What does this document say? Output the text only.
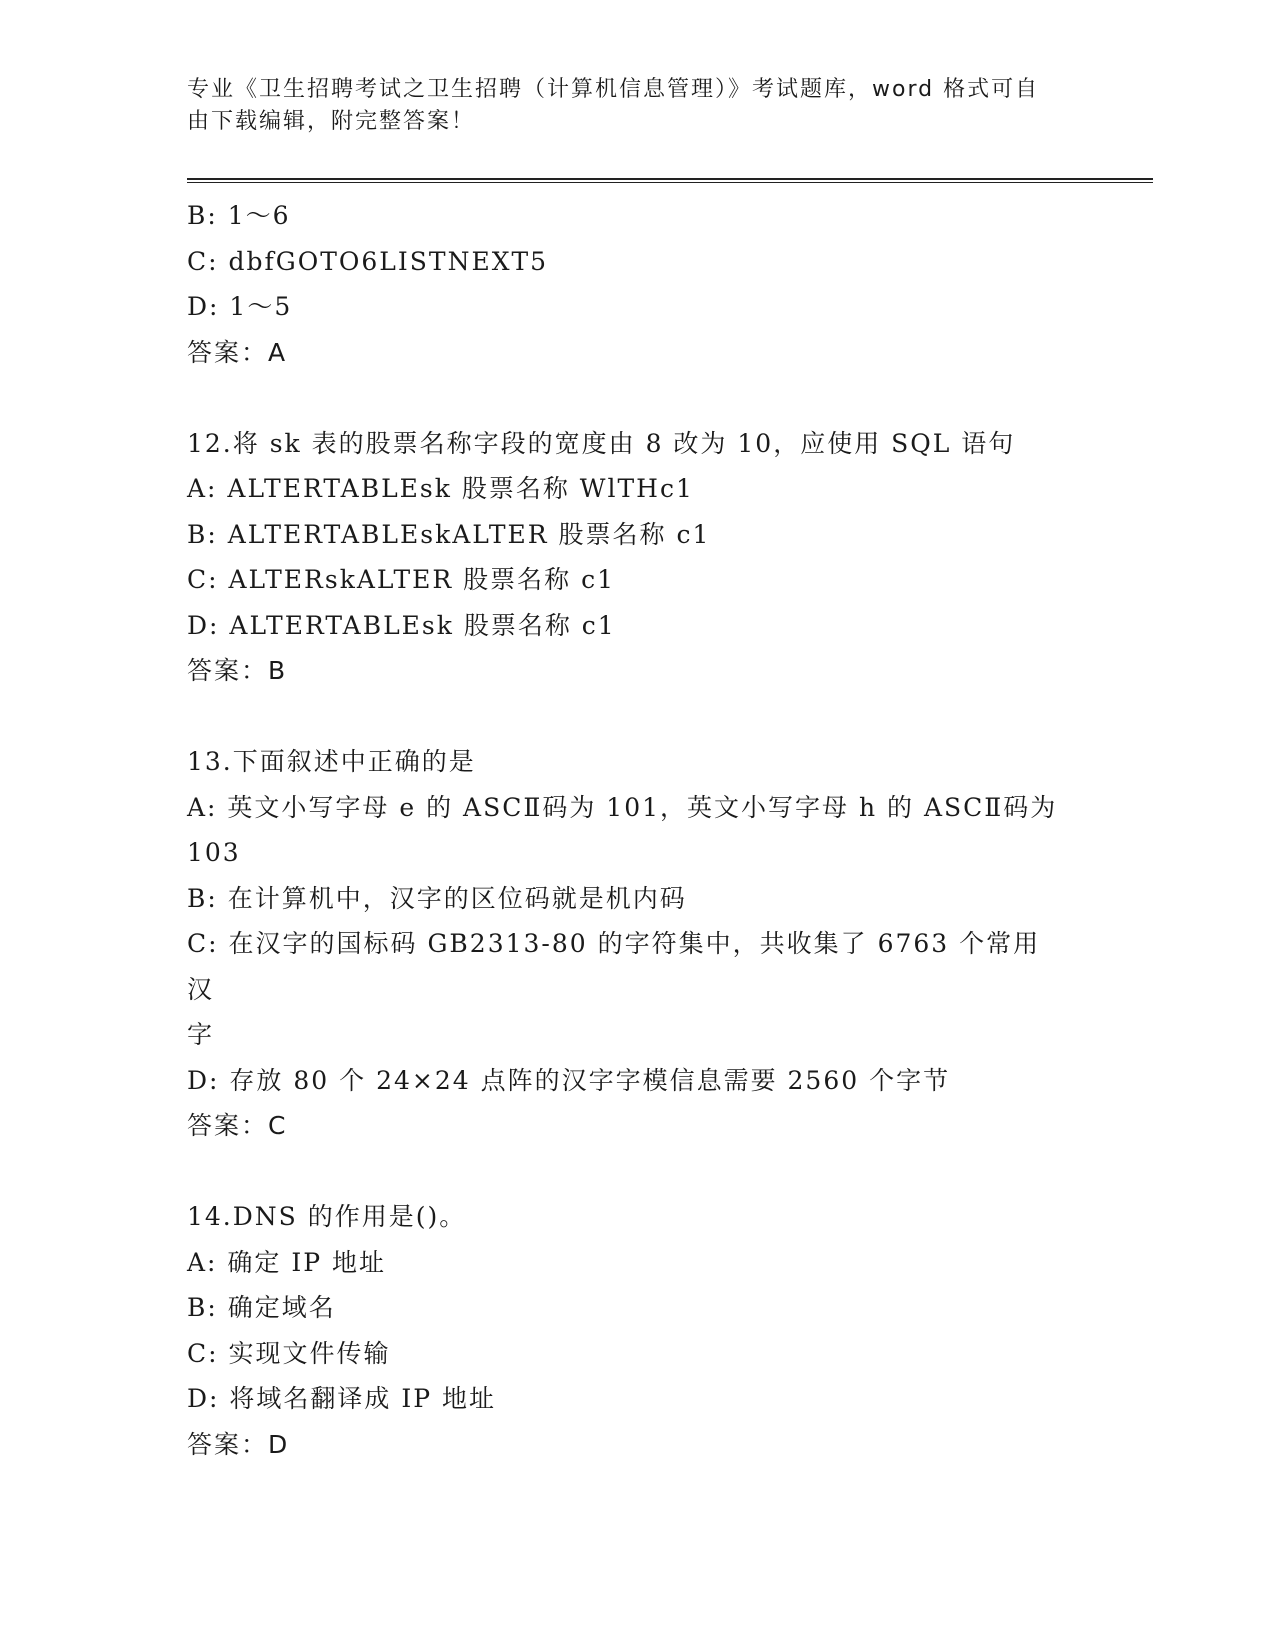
专业《卫生招聘考试之卫生招聘（计算机信息管理）》考试题库，word 格式可自
由下载编辑，附完整答案！

B: 1～6

C: dbfGOTO6LISTNEXT5

D: 1～5

答案：A

12.将 sk 表的股票名称字段的宽度由 8 改为 10，应使用 SQL 语句

A: ALTERTABLEsk 股票名称 WlTHc1

B: ALTERTABLEskALTER 股票名称 c1

C: ALTERskALTER 股票名称 c1

D: ALTERTABLEsk 股票名称 c1

答案：B

13.下面叙述中正确的是

A: 英文小写字母 e 的 ASCⅡ码为 101，英文小写字母 h 的 ASCⅡ码为

103

B: 在计算机中，汉字的区位码就是机内码

C: 在汉字的国标码 GB2313-80 的字符集中，共收集了 6763 个常用汉

字

D: 存放 80 个 24×24 点阵的汉字字模信息需要 2560 个字节

答案：C

14.DNS 的作用是()。

A: 确定 IP 地址

B: 确定域名

C: 实现文件传输

D: 将域名翻译成 IP 地址

答案：D
